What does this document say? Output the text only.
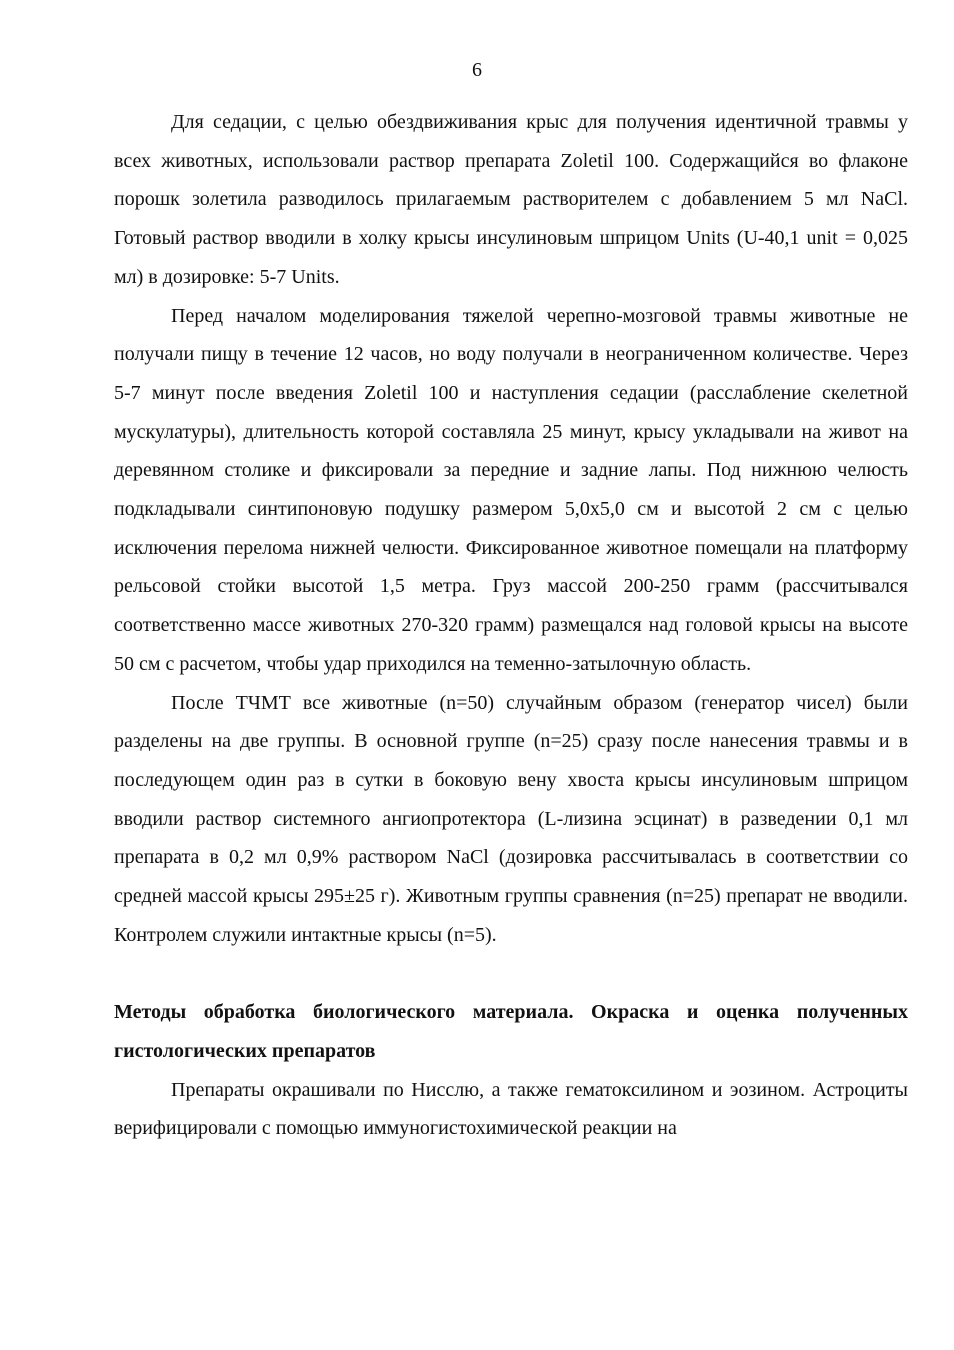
6

Для седации, с целью обездвиживания крыс для получения идентичной травмы у всех животных, использовали раствор препарата Zoletil 100. Содержащийся во флаконе порошк золетила разводилось прилагаемым растворителем с добавлением 5 мл NaCl. Готовый раствор вводили в холку крысы инсулиновым шприцом Units (U-40,1 unit = 0,025 мл) в дозировке: 5-7 Units.

Перед началом моделирования тяжелой черепно-мозговой травмы животные не получали пищу в течение 12 часов, но воду получали в неограниченном количестве. Через 5-7 минут после введения Zoletil 100 и наступления седации (расслабление скелетной мускулатуры), длительность которой составляла 25 минут, крысу укладывали на живот на деревянном столике и фиксировали за передние и задние лапы. Под нижнюю челюсть подкладывали синтипоновую подушку размером 5,0х5,0 см и высотой 2 см с целью исключения перелома нижней челюсти. Фиксированное животное помещали на платформу рельсовой стойки высотой 1,5 метра. Груз массой 200-250 грамм (рассчитывался соответственно массе животных 270-320 грамм) размещался над головой крысы на высоте 50 см с расчетом, чтобы удар приходился на теменно-затылочную область.

После ТЧМТ все животные (n=50) случайным образом (генератор чисел) были разделены на две группы. В основной группе (n=25) сразу после нанесения травмы и в последующем один раз в сутки в боковую вену хвоста крысы инсулиновым шприцом вводили раствор системного ангиопротектора (L-лизина эсцинат) в разведении 0,1 мл препарата в 0,2 мл 0,9% раствором NaCl (дозировка рассчитывалась в соответствии со средней массой крысы 295±25 г). Животным группы сравнения (n=25) препарат не вводили. Контролем служили интактные крысы (n=5).

Методы обработка биологического материала. Окраска и оценка полученных гистологических препаратов

Препараты окрашивали по Нисслю, а также гематоксилином и эозином. Астроциты верифицировали с помощью иммуногистохимической реакции на
